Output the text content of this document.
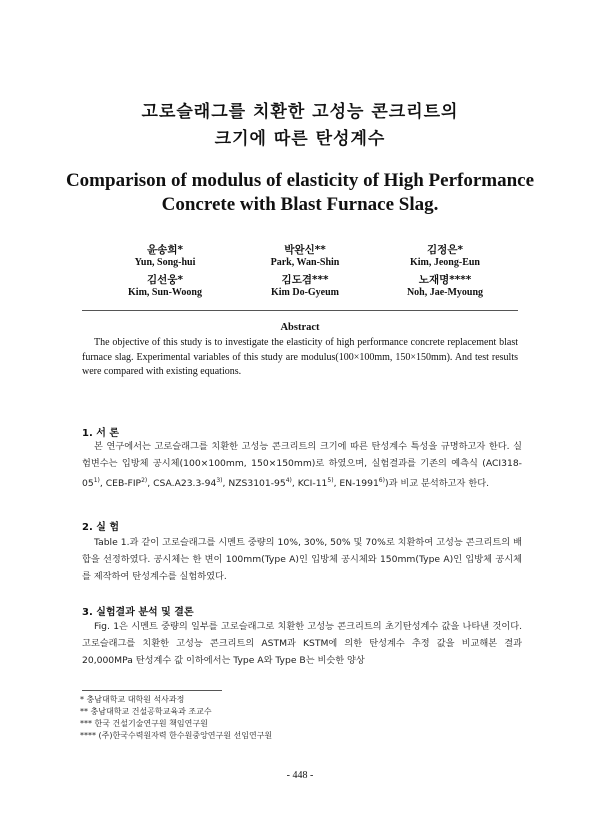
고로슬래그를 치환한 고성능 콘크리트의
크기에 따른 탄성계수
Comparison of modulus of elasticity of High Performance
Concrete with Blast Furnace Slag.
윤송희*	박완신**	김정은*
Yun, Song-hui	Park, Wan-Shin	Kim, Jeong-Eun
김선웅*	김도겸***	노재명****
Kim, Sun-Woong	Kim Do-Gyeum	Noh, Jae-Myoung
Abstract

The objective of this study is to investigate the elasticity of high performance concrete replacement blast furnace slag. Experimental variables of this study are modulus(100×100mm, 150×150mm). And test results were compared with existing equations.

1. 서 론

본 연구에서는 고로슬래그를 치환한 고성능 콘크리트의 크기에 따른 탄성계수 특성을 규명하고자 한다. 실험변수는 입방체 공시체(100×100mm, 150×150mm)로 하였으며, 실험결과를 기존의 예측식 (ACI318-05$^{1)}$, CEB-FIP$^{2)}$, CSA.A23.3-94$^{3)}$, NZS3101-95$^{4)}$, KCI-11$^{5)}$, EN-1991$^{6)}$)과 비교 분석하고자 한다.

2. 실 험

Table 1.과 같이 고로슬래그를 시멘트 중량의 10%, 30%, 50% 및 70%로 치환하여 고성능 콘크리트의 배합을 선정하였다. 공시체는 한 변이 100mm(Type A)인 입방체 공시체와 150mm(Type A)인 입방체 공시체를 제작하여 탄성계수를 실험하였다.

3. 실험결과 분석 및 결론

Fig. 1은 시멘트 중량의 일부를 고로슬래그로 치환한 고성능 콘크리트의 초기탄성계수 값을 나타낸 것이다. 고로슬래그를 치환한 고성능 콘크리트의 ASTM과 KSTM에 의한 탄성계수 추정 값을 비교해본 결과 20,000MPa 탄성계수 값 이하에서는 Type A와 Type B는 비슷한 양상

* 충남대학교 대학원 석사과정
** 충남대학교 건설공학교육과 조교수
*** 한국 건설기술연구원 책임연구원
**** (주)한국수력원자력 한수원중앙연구원 선임연구원
- 448 -
